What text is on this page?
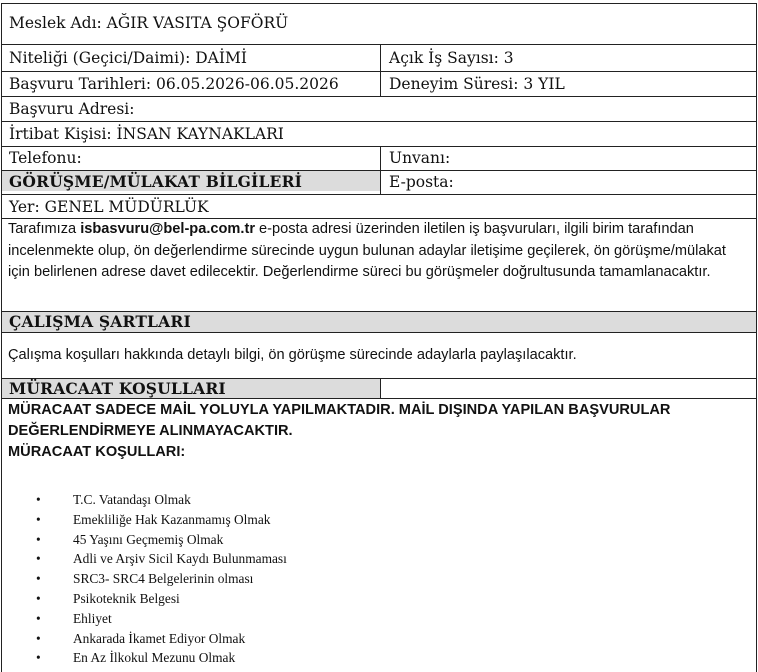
Meslek Adı: AĞIR VASITA ŞOFÖRÜ
Niteliği (Geçici/Daimi): DAİMİ	Açık İş Sayısı: 3
Başvuru Tarihleri: 06.05.2026-06.05.2026	Deneyim Süresi: 3 YIL
Başvuru Adresi:
İrtibat Kişisi: İNSAN KAYNAKLARI
Telefonu:	Unvanı:
GÖRÜŞME/MÜLAKAT BİLGİLERİ	E-posta:
Yer: GENEL MÜDÜRLÜK
Tarafımıza isbasvuru@bel-pa.com.tr e-posta adresi üzerinden iletilen iş başvuruları, ilgili birim tarafından incelenmekte olup, ön değerlendirme sürecinde uygun bulunan adaylar iletişime geçilerek, ön görüşme/mülakat için belirlenen adrese davet edilecektir. Değerlendirme süreci bu görüşmeler doğrultusunda tamamlanacaktır.
ÇALIŞMA ŞARTLARI
Çalışma koşulları hakkında detaylı bilgi, ön görüşme sürecinde adaylarla paylaşılacaktır.
MÜRACAAT KOŞULLARI
MÜRACAAT SADECE MAİL YOLUYLA YAPILMAKTADIR. MAİL DIŞINDA YAPILAN BAŞVURULAR DEĞERLENDİRMEYE ALINMAYACAKTIR.
MÜRACAAT KOŞULLARI:
• T.C. Vatandaşı Olmak
• Emekliliğe Hak Kazanmamış Olmak
• 45 Yaşını Geçmemiş Olmak
• Adli ve Arşiv Sicil Kaydı Bulunmaması
• SRC3- SRC4 Belgelerinin olması
• Psikoteknik Belgesi
• Ehliyet
• Ankarada İkamet Ediyor Olmak
• En Az İlkokul Mezunu Olmak
